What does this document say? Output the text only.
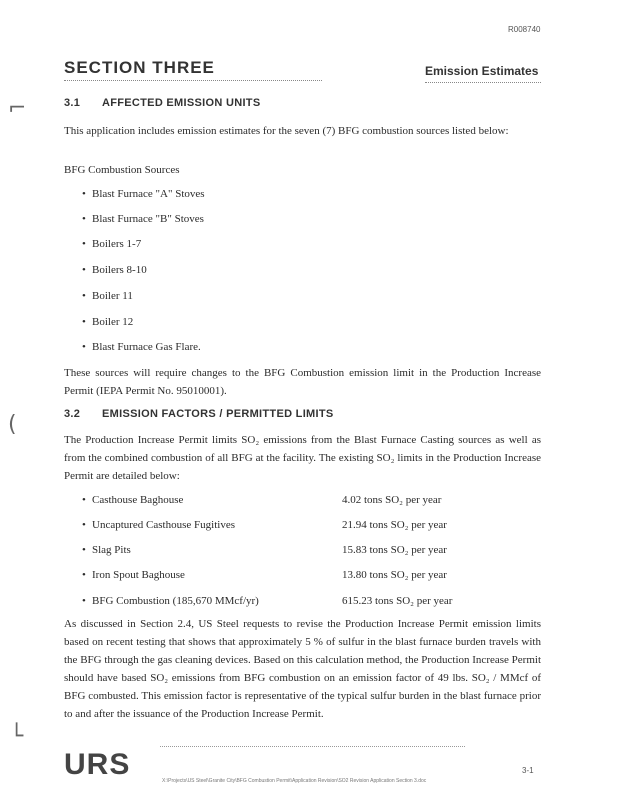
R008740
SECTION THREE	Emission Estimates
⌐
(
└
3.1 AFFECTED EMISSION UNITS
This application includes emission estimates for the seven (7) BFG combustion sources listed below:
BFG Combustion Sources
• Blast Furnace "A" Stoves
• Blast Furnace "B" Stoves
• Boilers 1-7
• Boilers 8-10
• Boiler 11
• Boiler 12
• Blast Furnace Gas Flare.
These sources will require changes to the BFG Combustion emission limit in the Production Increase Permit (IEPA Permit No. 95010001).
3.2 EMISSION FACTORS / PERMITTED LIMITS
The Production Increase Permit limits SO₂ emissions from the Blast Furnace Casting sources as well as from the combined combustion of all BFG at the facility. The existing SO₂ limits in the Production Increase Permit are detailed below:
• Casthouse Baghouse	4.02 tons SO₂ per year
• Uncaptured Casthouse Fugitives	21.94 tons SO₂ per year
• Slag Pits	15.83 tons SO₂ per year
• Iron Spout Baghouse	13.80 tons SO₂ per year
• BFG Combustion (185,670 MMcf/yr)	615.23 tons SO₂ per year
As discussed in Section 2.4, US Steel requests to revise the Production Increase Permit emission limits based on recent testing that shows that approximately 5 % of sulfur in the blast furnace burden travels with the BFG through the gas cleaning devices. Based on this calculation method, the Production Increase Permit should have based SO₂ emissions from BFG combustion on an emission factor of 49 lbs. SO₂ / MMcf of BFG combusted. This emission factor is representative of the typical sulfur burden in the blast furnace prior to and after the issuance of the Production Increase Permit.
URS	3-1
X:\Projects\US Steel\Granite City\BFG Combustion Permit\Application Revision\SO2 Revision Application Section 3.doc
